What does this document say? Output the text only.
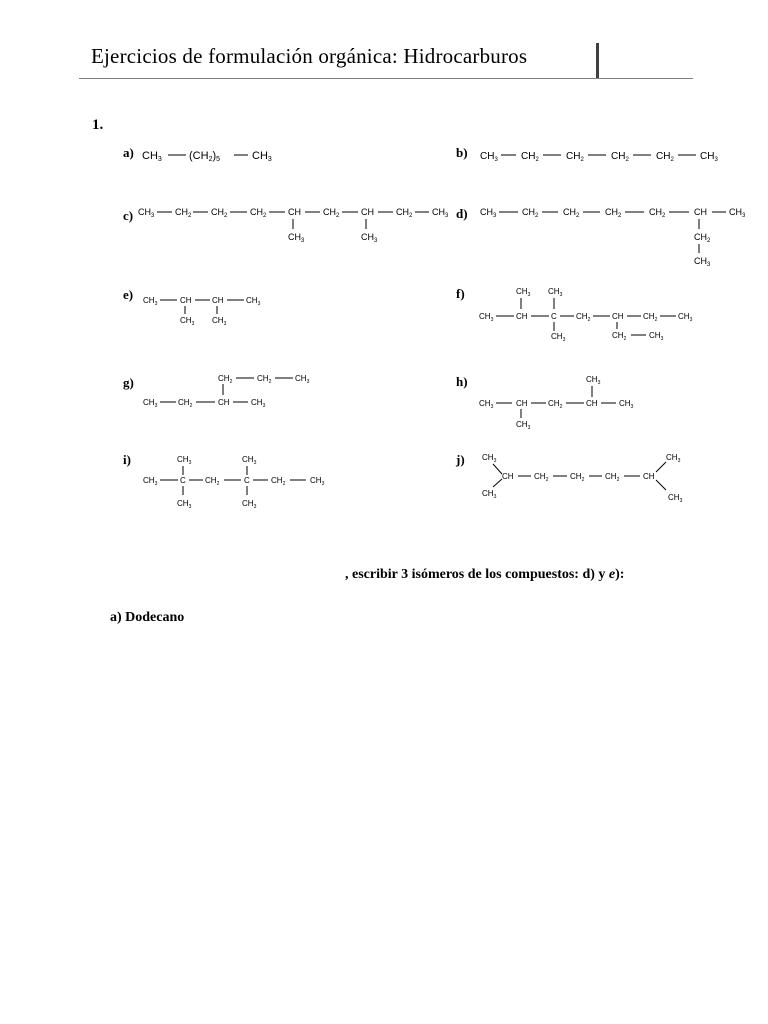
Ejercicios de formulación orgánica: Hidrocarburos
1.
a)	b)
c)	d)
e)	f)
g)	h)
i)	j)
CH3 (CH2)5	CH3	$CH_3$ $CH_2$	$CH_2$	$CH_2$	$CH_2$	$CH_3$
$CH_3$ $CH_2$ $CH_2$	$CH_2$ CH
$CH_3$
$CH_2$ CH
$CH_3$
$CH_2$ $CH_3$	$CH_3$	$CH_2$	$CH_2$	$CH_2$	$CH_2$	CH $CH_3$
$CH_2$
$CH_3$
$CH_3$	CH	CH	$CH_3$
$CH_3$ $CH_3$
$CH_3$ $CH_3$
$CH_3$	CH	C $CH_2$	CH $CH_2$	$CH_3$
$CH_3$	$CH_2$	$CH_3$
$CH_2$	$CH_2$	$CH_3$
$CH_3$	$CH_2$	CH	$CH_3$
$CH_3$
$CH_3$	CH	$CH_2$	CH	$CH_3$
$CH_3$
$CH_3$	$CH_3$
$CH_3$	C $CH_2$	C	$CH_2$	$CH_3$
$CH_3$	$CH_3$
$CH_3$
CH
$CH_3$
$CH_2$	$CH_2$	$CH_2$	CH
$CH_3$
$CH_3$
, escribir 3 isómeros de los compuestos: d) y e):
a) Dodecano
